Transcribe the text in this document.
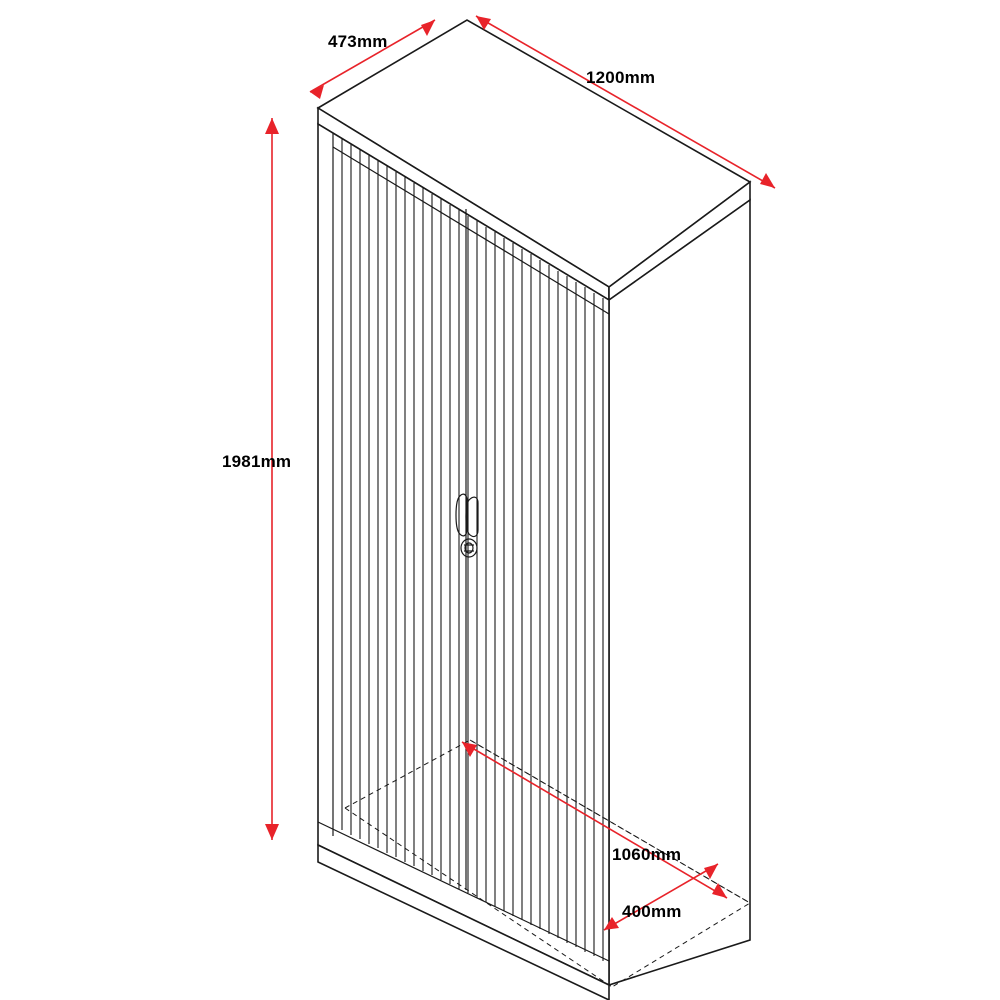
473mm
1200mm
1981mm
1060mm
400mm
